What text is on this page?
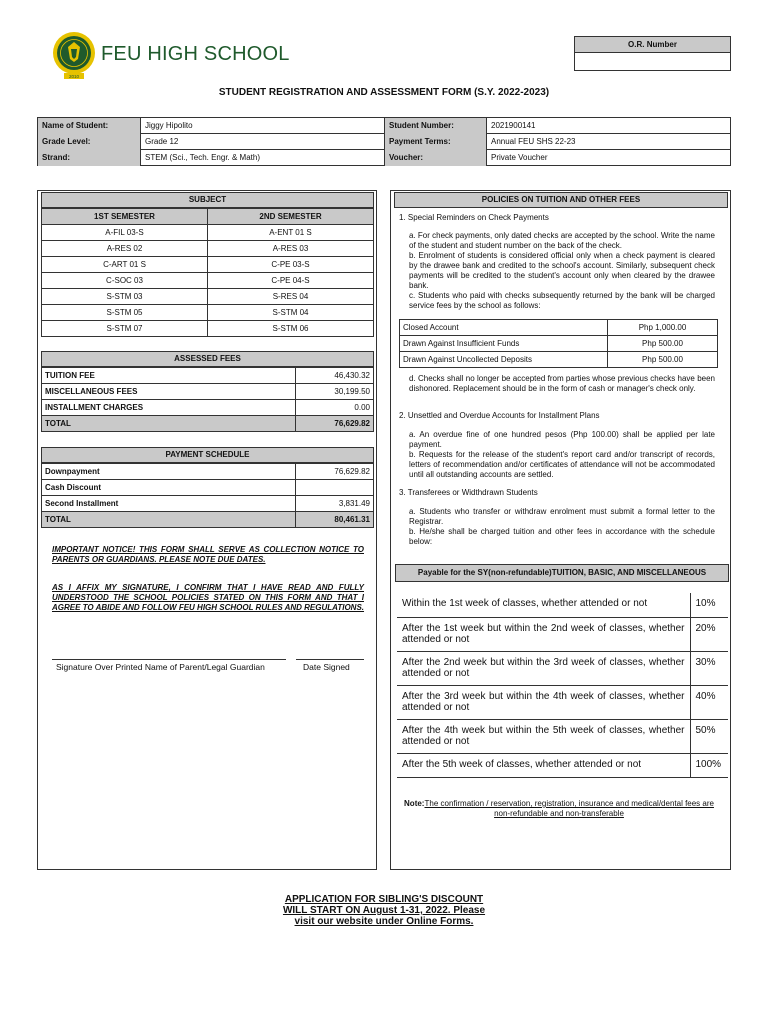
2010
FEU HIGH SCHOOL	O.R. Number
STUDENT REGISTRATION AND ASSESSMENT FORM (S.Y. 2022-2023)
Name of Student:	Jiggy Hipolito	Student Number:	2021900141
Grade Level:	Grade 12	Payment Terms:	Annual FEU SHS 22-23
Strand:	STEM (Sci., Tech. Engr. & Math)	Voucher:	Private Voucher
SUBJECT
1ST SEMESTER	2ND SEMESTER
A-FIL 03-S	A-ENT 01 S
A-RES 02	A-RES 03
C-ART 01 S	C-PE 03-S
C-SOC 03	C-PE 04-S
S-STM 03	S-RES 04
S-STM 05	S-STM 04
S-STM 07	S-STM 06
ASSESSED FEES
TUITION FEE	46,430.32
MISCELLANEOUS FEES	30,199.50
INSTALLMENT CHARGES	0.00
TOTAL	76,629.82
PAYMENT SCHEDULE
Downpayment	76,629.82
Cash Discount	
Second Installment	3,831.49
TOTAL	80,461.31
IMPORTANT NOTICE! THIS FORM SHALL SERVE AS COLLECTION NOTICE TO PARENTS OR GUARDIANS. PLEASE NOTE DUE DATES.
AS I AFFIX MY SIGNATURE, I CONFIRM THAT I HAVE READ AND FULLY UNDERSTOOD THE SCHOOL POLICIES STATED ON THIS FORM AND THAT I AGREE TO ABIDE AND FOLLOW FEU HIGH SCHOOL RULES AND REGULATIONS.
Signature Over Printed Name of Parent/Legal Guardian	Date Signed
POLICIES ON TUITION AND OTHER FEES
1. Special Reminders on Check Payments
a. For check payments, only dated checks are accepted by the school. Write the name of the student and student number on the back of the check.
b. Enrolment of students is considered official only when a check payment is cleared by the drawee bank and credited to the school's account. Similarly, subsequent check payments will be credited to the student's account only when cleared by the drawee bank.
c. Students who paid with checks subsequently returned by the bank will be charged service fees by the school as follows:
Closed Account	Php 1,000.00
Drawn Against Insufficient Funds	Php 500.00
Drawn Against Uncollected Deposits	Php 500.00
d. Checks shall no longer be accepted from parties whose previous checks have been dishonored. Replacement should be in the form of cash or manager's check only.
2. Unsettled and Overdue Accounts for Installment Plans
a. An overdue fine of one hundred pesos (Php 100.00) shall be applied per late payment.
b. Requests for the release of the student's report card and/or transcript of records, letters of recommendation and/or certificates of attendance will not be accommodated until all outstanding accounts are settled.
3. Transferees or Widthdrawn Students
a. Students who transfer or withdraw enrolment must submit a formal letter to the Registrar.
b. He/she shall be charged tuition and other fees in accordance with the schedule below:
Payable for the SY(non-refundable)TUITION, BASIC, AND MISCELLANEOUS
Within the 1st week of classes, whether attended or not	10%
After the 1st week but within the 2nd week of classes, whether attended or not	20%
After the 2nd week but within the 3rd week of classes, whether attended or not	30%
After the 3rd week but within the 4th week of classes, whether attended or not	40%
After the 4th week but within the 5th week of classes, whether attended or not	50%
After the 5th week of classes, whether attended or not	100%
Note:The confirmation / reservation, registration, insurance and medical/dental fees are non-refundable and non-transferable
APPLICATION FOR SIBLING'S DISCOUNT
WILL START ON August 1-31, 2022. Please
visit our website under Online Forms.
